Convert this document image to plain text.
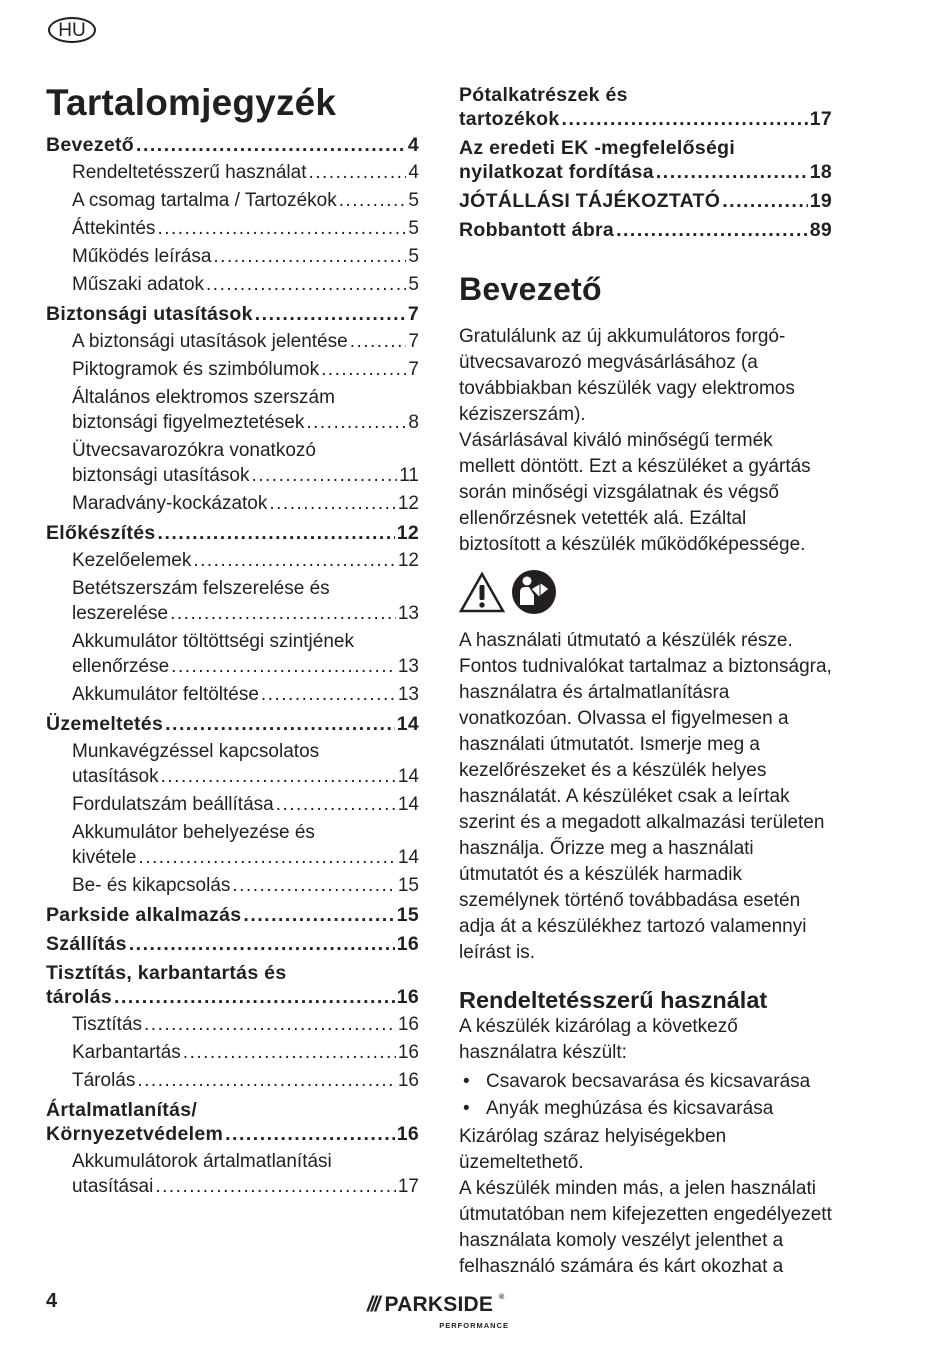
HU
Tartalomjegyzék
Bevezető .....	4
Rendeltetésszerű használat .....	4
A csomag tartalma / Tartozékok .....	5
Áttekintés .....	5
Működés leírása .....	5
Műszaki adatok .....	5
Biztonsági utasítások .....	7
A biztonsági utasítások jelentése .....	7
Piktogramok és szimbólumok .....	7
Általános elektromos szerszám
biztonsági figyelmeztetések .....	8
Ütvecsavarozókra vonatkozó
biztonsági utasítások .....	11
Maradvány-kockázatok .....	12
Előkészítés .....	12
Kezelőelemek .....	12
Betétszerszám felszerelése és
leszerelése .....	13
Akkumulátor töltöttségi szintjének
ellenőrzése .....	13
Akkumulátor feltöltése .....	13
Üzemeltetés .....	14
Munkavégzéssel kapcsolatos
utasítások .....	14
Fordulatszám beállítása .....	14
Akkumulátor behelyezése és
kivétele .....	14
Be- és kikapcsolás .....	15
Parkside alkalmazás .....	15
Szállítás .....	16
Tisztítás, karbantartás és
tárolás .....	16
Tisztítás .....	16
Karbantartás .....	16
Tárolás .....	16
Ártalmatlanítás/
Környezetvédelem .....	16
Akkumulátorok ártalmatlanítási
utasításai .....	17
Pótalkatrészek és
tartozékok .....	17
Az eredeti EK -megfelelőségi
nyilatkozat fordítása .....	18
JÓTÁLLÁSI TÁJÉKOZTATÓ .....	19
Robbantott ábra .....	89
Bevezető

Gratulálunk az új akkumulátoros forgó-ütvecsavarozó megvásárlásához (a továbbiakban készülék vagy elektromos kéziszerszám).

Vásárlásával kiváló minőségű termék mellett döntött. Ezt a készüléket a gyártás során minőségi vizsgálatnak és végső ellenőrzésnek vetették alá. Ezáltal biztosított a készülék működőképessége.

A használati útmutató a készülék része. Fontos tudnivalókat tartalmaz a biztonságra, használatra és ártalmatlanításra vonatkozóan. Olvassa el figyelmesen a használati útmutatót. Ismerje meg a kezelőrészeket és a készülék helyes használatát. A készüléket csak a leírtak szerint és a megadott alkalmazási területen használja. Őrizze meg a használati útmutatót és a készülék harmadik személynek történő továbbadása esetén adja át a készülékhez tartozó valamennyi leírást is.

Rendeltetésszerű használat

A készülék kizárólag a következő használatra készült:

• Csavarok becsavarása és kicsavarása
• Anyák meghúzása és kicsavarása

Kizárólag száraz helyiségekben üzemeltethető.

A készülék minden más, a jelen használati útmutatóban nem kifejezetten engedélyezett használata komoly veszélyt jelenthet a felhasználó számára és kárt okozhat a

4	/// PARKSIDE ®
PERFORMANCE
